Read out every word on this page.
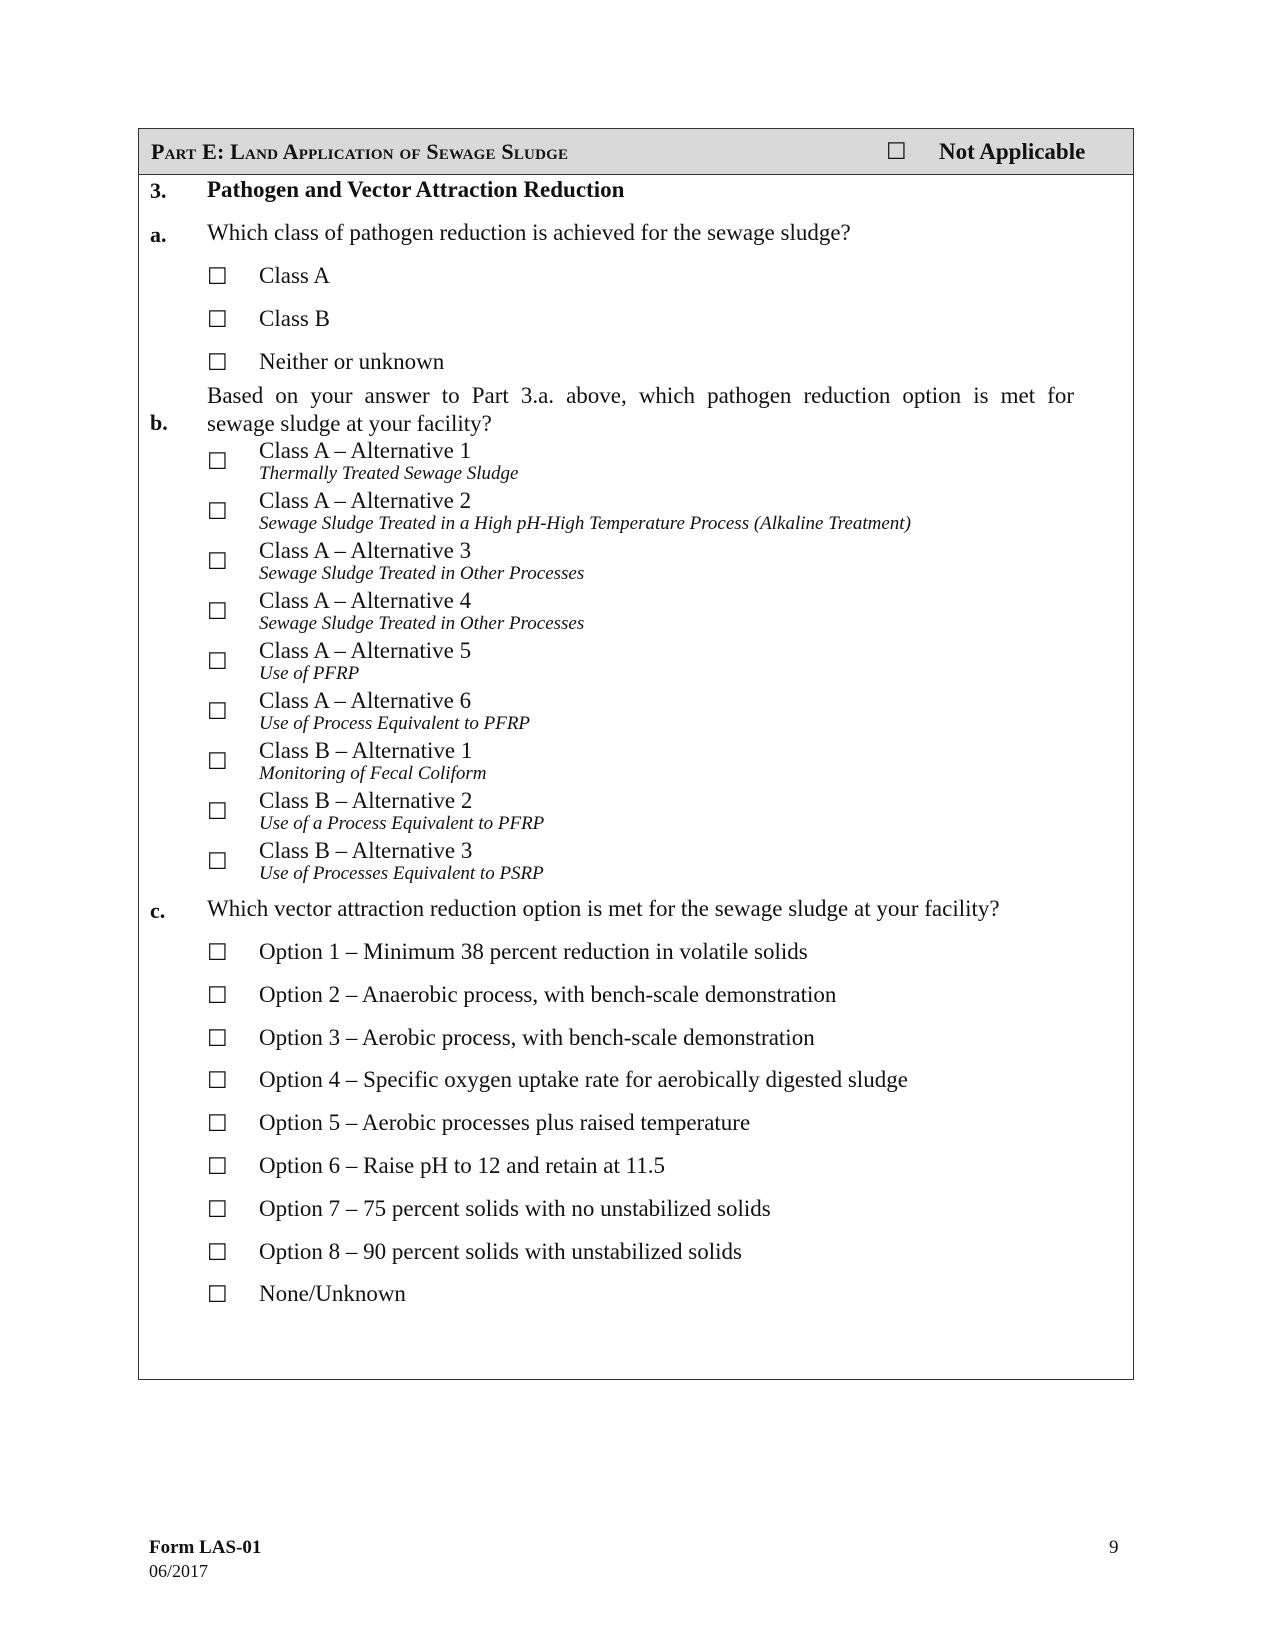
Part E: Land Application of Sewage Sludge	☐ Not Applicable
3. Pathogen and Vector Attraction Reduction
a. Which class of pathogen reduction is achieved for the sewage sludge?
☐ Class A
☐ Class B
☐ Neither or unknown
b.
Based on your answer to Part 3.a. above, which pathogen reduction option is met for
sewage sludge at your facility?
☐ Class A – Alternative 1
Thermally Treated Sewage Sludge
☐ Class A – Alternative 2
Sewage Sludge Treated in a High pH-High Temperature Process (Alkaline Treatment)
☐ Class A – Alternative 3
Sewage Sludge Treated in Other Processes
☐ Class A – Alternative 4
Sewage Sludge Treated in Other Processes
☐ Class A – Alternative 5
Use of PFRP
☐ Class A – Alternative 6
Use of Process Equivalent to PFRP
☐ Class B – Alternative 1
Monitoring of Fecal Coliform
☐ Class B – Alternative 2
Use of a Process Equivalent to PFRP
☐ Class B – Alternative 3
Use of Processes Equivalent to PSRP
c. Which vector attraction reduction option is met for the sewage sludge at your facility?
☐ Option 1 – Minimum 38 percent reduction in volatile solids
☐ Option 2 – Anaerobic process, with bench-scale demonstration
☐ Option 3 – Aerobic process, with bench-scale demonstration
☐ Option 4 – Specific oxygen uptake rate for aerobically digested sludge
☐ Option 5 – Aerobic processes plus raised temperature
☐ Option 6 – Raise pH to 12 and retain at 11.5
☐ Option 7 – 75 percent solids with no unstabilized solids
☐ Option 8 – 90 percent solids with unstabilized solids
☐ None/Unknown
Form LAS-01
06/2017
9
